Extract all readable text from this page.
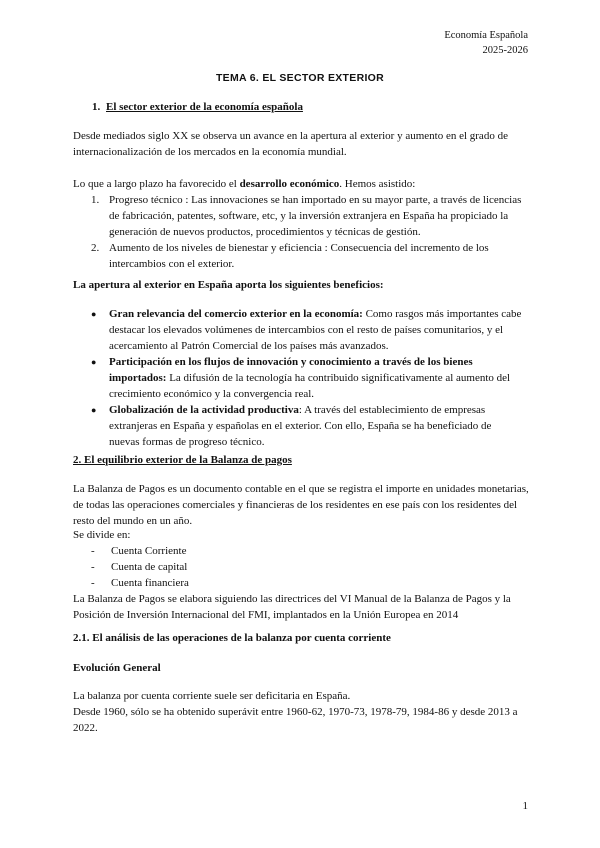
Economía Española
2025-2026
TEMA 6. EL SECTOR EXTERIOR
1. El sector exterior de la economía española
Desde mediados siglo XX se observa un avance en la apertura al exterior y aumento en el grado de internacionalización de los mercados en la economía mundial.
Lo que a largo plazo ha favorecido el desarrollo económico. Hemos asistido:
1. Progreso técnico : Las innovaciones se han importado en su mayor parte, a través de licencias de fabricación, patentes, software, etc, y la inversión extranjera en España ha propiciado la generación de nuevos productos, procedimientos y técnicas de gestión.
2. Aumento de los niveles de bienestar y eficiencia : Consecuencia del incremento de los intercambios con el exterior.
La apertura al exterior en España aporta los siguientes beneficios:
● Gran relevancia del comercio exterior en la economía: Como rasgos más importantes cabe destacar los elevados volúmenes de intercambios con el resto de países comunitarios, y el acercamiento al Patrón Comercial de los países más avanzados.
● Participación en los flujos de innovación y conocimiento a través de los bienes importados: La difusión de la tecnología ha contribuido significativamente al aumento del crecimiento económico y la convergencia real.
● Globalización de la actividad productiva: A través del establecimiento de empresas extranjeras en España y españolas en el exterior. Con ello, España se ha beneficiado de nuevas formas de progreso técnico.
2. El equilibrio exterior de la Balanza de pagos
La Balanza de Pagos es un documento contable en el que se registra el importe en unidades monetarias, de todas las operaciones comerciales y financieras de los residentes en ese país con los residentes del resto del mundo en un año.
Se divide en:
- Cuenta Corriente
- Cuenta de capital
- Cuenta financiera
La Balanza de Pagos se elabora siguiendo las directrices del VI Manual de la Balanza de Pagos y la Posición de Inversión Internacional del FMI, implantados en la Unión Europea en 2014
2.1. El análisis de las operaciones de la balanza por cuenta corriente
Evolución General
La balanza por cuenta corriente suele ser deficitaria en España.
Desde 1960, sólo se ha obtenido superávit entre 1960-62, 1970-73, 1978-79, 1984-86 y desde 2013 a 2022.
1
